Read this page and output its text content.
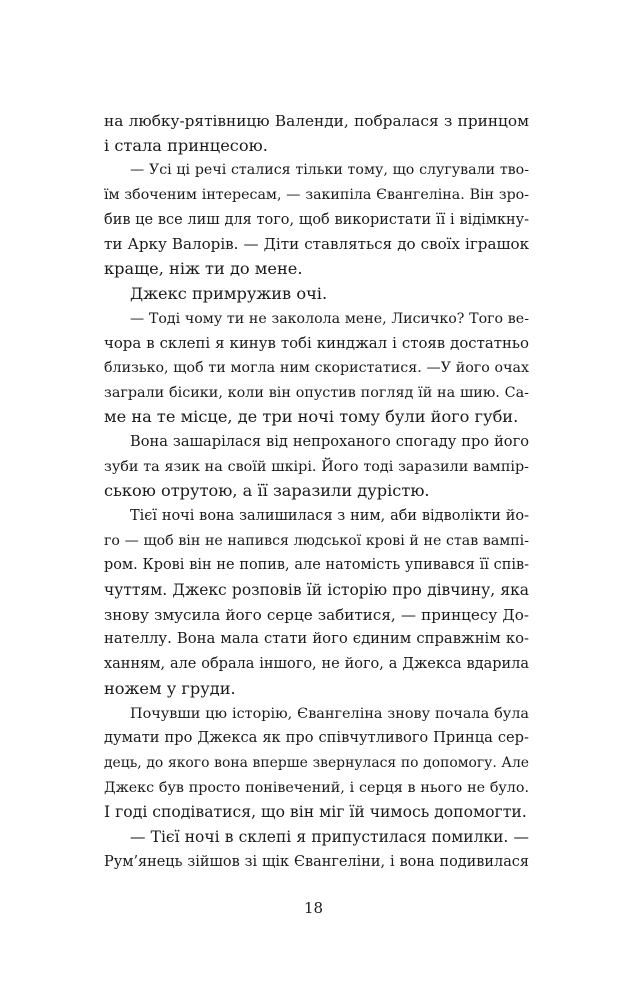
на любку-рятівницю Валенди, побралася з принцом
і стала принцесою.
— Усі ці речі сталися тільки тому, що слугували тво-
їм збоченим інтересам, — закипіла Євангеліна. Він зро-
бив це все лиш для того, щоб використати її і відімкну-
ти Арку Валорів. — Діти ставляться до своїх іграшок
краще, ніж ти до мене.
Джекс примружив очі.
— Тоді чому ти не заколола мене, Лисичко? Того ве-
чора в склепі я кинув тобі кинджал і стояв достатньо
близько, щоб ти могла ним скористатися. —У його очах
заграли бісики, коли він опустив погляд їй на шию. Са-
ме на те місце, де три ночі тому були його губи.
Вона зашарілася від непроханого спогаду про його
зуби та язик на своїй шкірі. Його тоді заразили вампір-
ською отрутою, а її заразили дурістю.
Тієї ночі вона залишилася з ним, аби відволікти йо-
го — щоб він не напився людської крові й не став вампі-
ром. Крові він не попив, але натомість упивався її спів-
чуттям. Джекс розповів їй історію про дівчину, яка
знову змусила його серце забитися, — принцесу До-
нателлу. Вона мала стати його єдиним справжнім ко-
ханням, але обрала іншого, не його, а Джекса вдарила
ножем у груди.
Почувши цю історію, Євангеліна знову почала була
думати про Джекса як про співчутливого Принца сер-
дець, до якого вона вперше звернулася по допомогу. Але
Джекс був просто понівечений, і серця в нього не було.
І годі сподіватися, що він міг їй чимось допомогти.
— Тієї ночі в склепі я припустилася помилки. —
Рум’янець зійшов зі щік Євангеліни, і вона подивилася
18
